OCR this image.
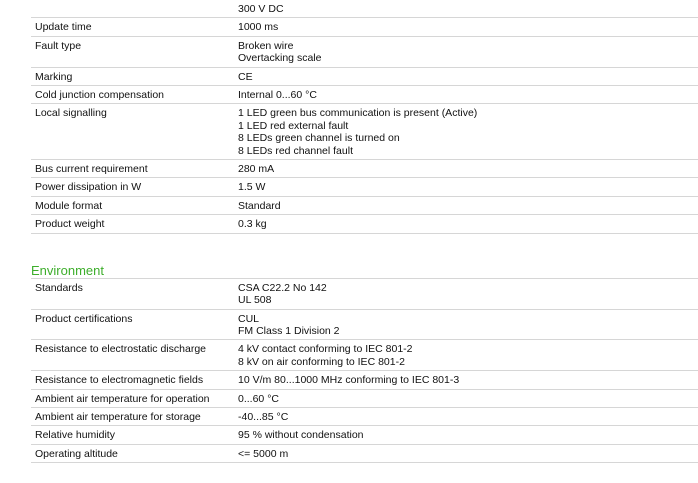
	300 V DC

Update time	1000 ms

Fault type	Broken wire
Overtacking scale

Marking	CE

Cold junction compensation	Internal 0...60 °C

Local signalling	1 LED green bus communication is present (Active)
1 LED red external fault
8 LEDs green channel is turned on
8 LEDs red channel fault

Bus current requirement	280 mA

Power dissipation in W	1.5 W

Module format	Standard

Product weight	0.3 kg
Environment
Standards	CSA C22.2 No 142
UL 508

Product certifications	CUL
FM Class 1 Division 2

Resistance to electrostatic discharge	4 kV contact conforming to IEC 801-2
8 kV on air conforming to IEC 801-2

Resistance to electromagnetic fields	10 V/m 80...1000 MHz conforming to IEC 801-3

Ambient air temperature for operation	0...60 °C

Ambient air temperature for storage	-40...85 °C

Relative humidity	95 % without condensation

Operating altitude	<= 5000 m
